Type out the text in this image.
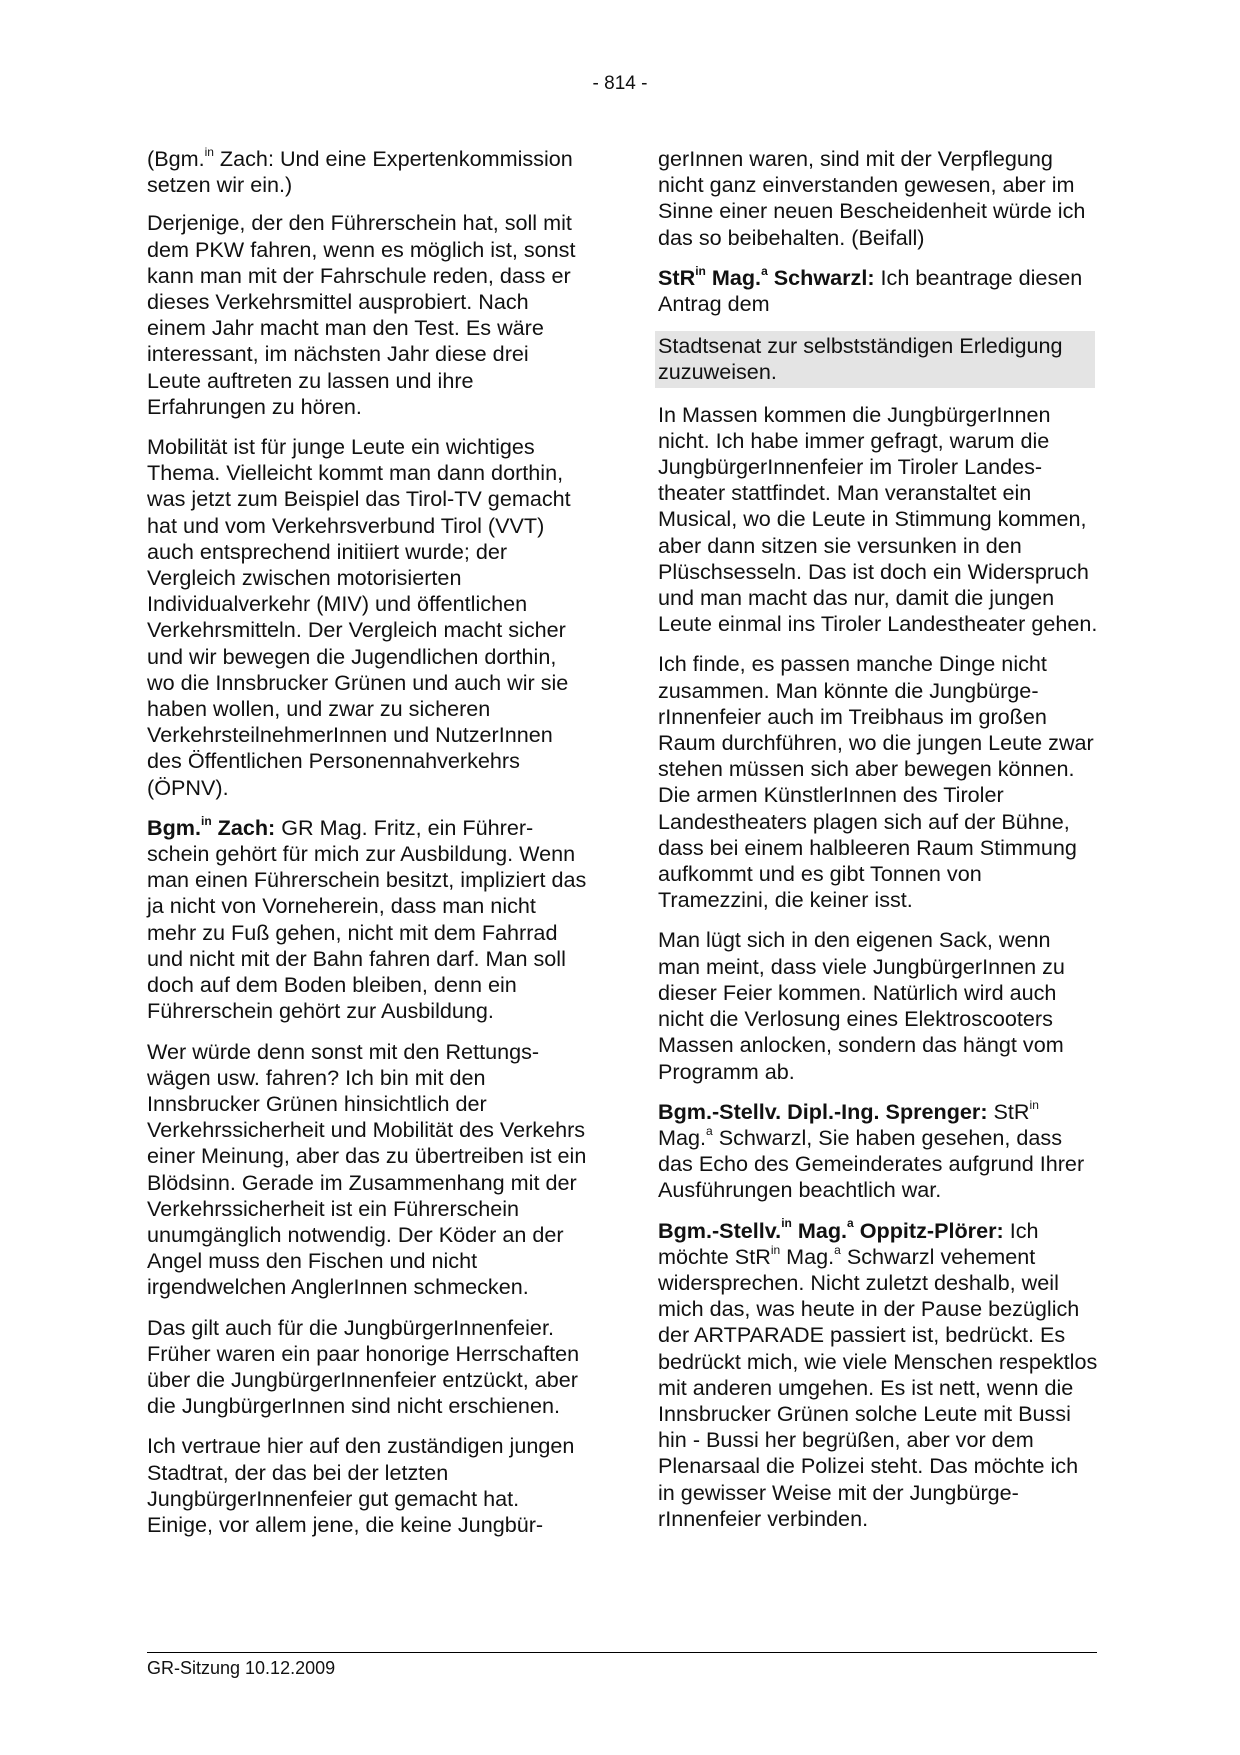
- 814 -

(Bgm.$^{in}$ Zach: Und eine Expertenkommission setzen wir ein.)

Derjenige, der den Führerschein hat, soll mit dem PKW fahren, wenn es möglich ist, sonst kann man mit der Fahrschule reden, dass er dieses Verkehrsmittel ausprobiert. Nach einem Jahr macht man den Test. Es wäre interessant, im nächsten Jahr diese drei Leute auftreten zu lassen und ihre Erfahrungen zu hören.

Mobilität ist für junge Leute ein wichtiges Thema. Vielleicht kommt man dann dorthin, was jetzt zum Beispiel das Tirol-TV gemacht hat und vom Verkehrsverbund Tirol (VVT) auch entsprechend initiiert wurde; der Vergleich zwischen motorisierten Individualverkehr (MIV) und öffentlichen Verkehrsmitteln. Der Vergleich macht sicher und wir bewegen die Jugendlichen dorthin, wo die Innsbrucker Grünen und auch wir sie haben wollen, und zwar zu sicheren VerkehrsteilnehmerInnen und NutzerInnen des Öffentlichen Personennahverkehrs (ÖPNV).

Bgm.$^{in}$ Zach: GR Mag. Fritz, ein Führerschein gehört für mich zur Ausbildung. Wenn man einen Führerschein besitzt, impliziert das ja nicht von Vorneherein, dass man nicht mehr zu Fuß gehen, nicht mit dem Fahrrad und nicht mit der Bahn fahren darf. Man soll doch auf dem Boden bleiben, denn ein Führerschein gehört zur Ausbildung.

Wer würde denn sonst mit den Rettungswägen usw. fahren? Ich bin mit den Innsbrucker Grünen hinsichtlich der Verkehrssicherheit und Mobilität des Verkehrs einer Meinung, aber das zu übertreiben ist ein Blödsinn. Gerade im Zusammenhang mit der Verkehrssicherheit ist ein Führerschein unumgänglich notwendig. Der Köder an der Angel muss den Fischen und nicht irgendwelchen AnglerInnen schmecken.

Das gilt auch für die JungbürgerInnenfeier. Früher waren ein paar honorige Herrschaften über die JungbürgerInnenfeier entzückt, aber die JungbürgerInnen sind nicht erschienen.

Ich vertraue hier auf den zuständigen jungen Stadtrat, der das bei der letzten JungbürgerInnenfeier gut gemacht hat. Einige, vor allem jene, die keine Jungbür-

gerInnen waren, sind mit der Verpflegung nicht ganz einverstanden gewesen, aber im Sinne einer neuen Bescheidenheit würde ich das so beibehalten. (Beifall)

StR$^{in}$ Mag.$^a$ Schwarzl: Ich beantrage diesen Antrag dem

Stadtsenat zur selbstständigen Erledigung zuzuweisen.

In Massen kommen die JungbürgerInnen nicht. Ich habe immer gefragt, warum die JungbürgerInnenfeier im Tiroler Landestheater stattfindet. Man veranstaltet ein Musical, wo die Leute in Stimmung kommen, aber dann sitzen sie versunken in den Plüschsesseln. Das ist doch ein Widerspruch und man macht das nur, damit die jungen Leute einmal ins Tiroler Landestheater gehen.

Ich finde, es passen manche Dinge nicht zusammen. Man könnte die JungbürgerInnenfeier auch im Treibhaus im großen Raum durchführen, wo die jungen Leute zwar stehen müssen sich aber bewegen können. Die armen KünstlerInnen des Tiroler Landestheaters plagen sich auf der Bühne, dass bei einem halbleeren Raum Stimmung aufkommt und es gibt Tonnen von Tramezzini, die keiner isst.

Man lügt sich in den eigenen Sack, wenn man meint, dass viele JungbürgerInnen zu dieser Feier kommen. Natürlich wird auch nicht die Verlosung eines Elektroscooters Massen anlocken, sondern das hängt vom Programm ab.

Bgm.-Stellv. Dipl.-Ing. Sprenger: StR$^{in}$ Mag.$^a$ Schwarzl, Sie haben gesehen, dass das Echo des Gemeinderates aufgrund Ihrer Ausführungen beachtlich war.

Bgm.-Stellv.$^{in}$ Mag.$^a$ Oppitz-Plörer: Ich möchte StR$^{in}$ Mag.$^a$ Schwarzl vehement widersprechen. Nicht zuletzt deshalb, weil mich das, was heute in der Pause bezüglich der ARTPARADE passiert ist, bedrückt. Es bedrückt mich, wie viele Menschen respektlos mit anderen umgehen. Es ist nett, wenn die Innsbrucker Grünen solche Leute mit Bussi hin - Bussi her begrüßen, aber vor dem Plenarsaal die Polizei steht. Das möchte ich in gewisser Weise mit der JungbürgerInnenfeier verbinden.

GR-Sitzung 10.12.2009
